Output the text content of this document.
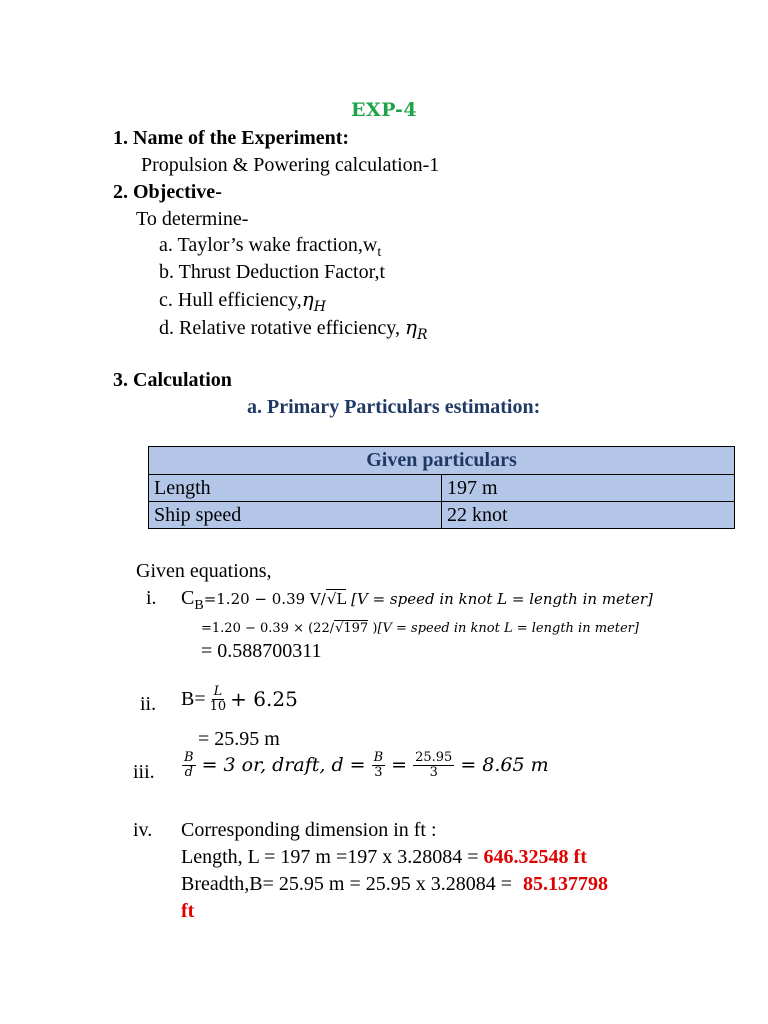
EXP-4
1. Name of the Experiment:
Propulsion & Powering calculation-1
2. Objective-
To determine-
a. Taylor’s wake $fraction,w_t$
b. Thrust Deduction Factor,t
c. Hull $efficiency,\eta_H$
d. Relative rotative efficiency, $\eta_R$
3. Calculation
a. Primary Particulars estimation:
Given particulars	
Length	197 m
Ship speed	22 knot
Given equations,
i. $C_B=1.20 - 0.39$ V/√L [V = speed in knot L = length in meter]
=1.20 − 0.39 × (22/√197 )[V = speed in knot L = length in meter]
= 0.588700311
ii. $B= \frac{L}{10} + 6.25$
= 25.95 m
iii. $\frac{B}{d} = 3$ or, draft, $d = \frac{B}{3} = \frac{25.95}{3} = 8.65$ m
iv. Corresponding dimension in ft :
Length, L = 197 m =197 x 3.28084 = 646.32548 ft
Breadth,B= 25.95 m = 25.95 x 3.28084 = 85.137798
ft
